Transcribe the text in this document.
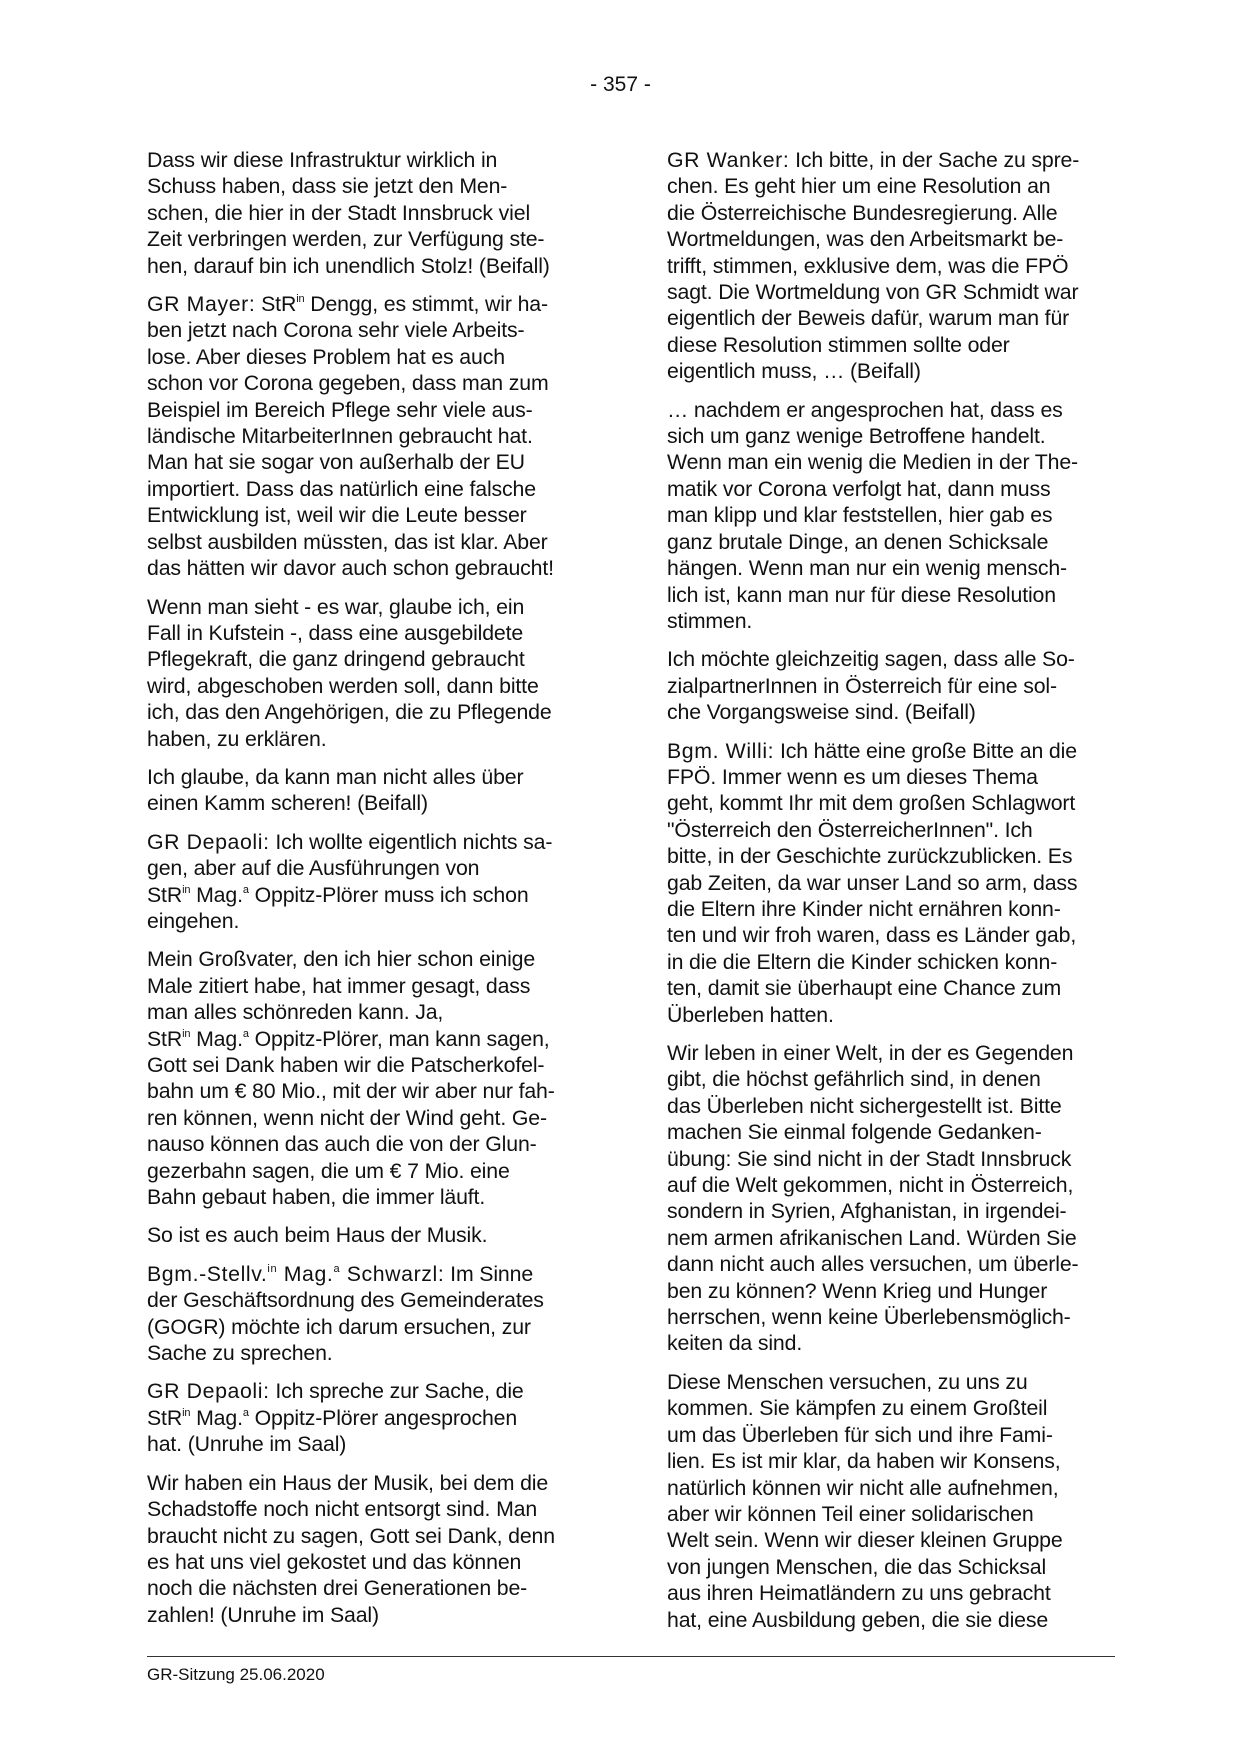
- 357 -
Dass wir diese Infrastruktur wirklich in
Schuss haben, dass sie jetzt den Men-
schen, die hier in der Stadt Innsbruck viel
Zeit verbringen werden, zur Verfügung ste-
hen, darauf bin ich unendlich Stolz! (Beifall)
GR Mayer: StR$^{in}$ Dengg, es stimmt, wir ha-
ben jetzt nach Corona sehr viele Arbeits-
lose. Aber dieses Problem hat es auch
schon vor Corona gegeben, dass man zum
Beispiel im Bereich Pflege sehr viele aus-
ländische MitarbeiterInnen gebraucht hat.
Man hat sie sogar von außerhalb der EU
importiert. Dass das natürlich eine falsche
Entwicklung ist, weil wir die Leute besser
selbst ausbilden müssten, das ist klar. Aber
das hätten wir davor auch schon gebraucht!
Wenn man sieht - es war, glaube ich, ein
Fall in Kufstein -, dass eine ausgebildete
Pflegekraft, die ganz dringend gebraucht
wird, abgeschoben werden soll, dann bitte
ich, das den Angehörigen, die zu Pflegende
haben, zu erklären.
Ich glaube, da kann man nicht alles über
einen Kamm scheren! (Beifall)
GR Depaoli: Ich wollte eigentlich nichts sa-
gen, aber auf die Ausführungen von
StR$^{in}$ Mag.$^a$ Oppitz-Plörer muss ich schon
eingehen.
Mein Großvater, den ich hier schon einige
Male zitiert habe, hat immer gesagt, dass
man alles schönreden kann. Ja,
StR$^{in}$ Mag.$^a$ Oppitz-Plörer, man kann sagen,
Gott sei Dank haben wir die Patscherkofel-
bahn um € 80 Mio., mit der wir aber nur fah-
ren können, wenn nicht der Wind geht. Ge-
nauso können das auch die von der Glun-
gezerbahn sagen, die um € 7 Mio. eine
Bahn gebaut haben, die immer läuft.
So ist es auch beim Haus der Musik.
Bgm.-Stellv.$^{in}$ Mag.$^a$ Schwarzl: Im Sinne
der Geschäftsordnung des Gemeinderates
(GOGR) möchte ich darum ersuchen, zur
Sache zu sprechen.
GR Depaoli: Ich spreche zur Sache, die
StR$^{in}$ Mag.$^a$ Oppitz-Plörer angesprochen
hat. (Unruhe im Saal)
Wir haben ein Haus der Musik, bei dem die
Schadstoffe noch nicht entsorgt sind. Man
braucht nicht zu sagen, Gott sei Dank, denn
es hat uns viel gekostet und das können
noch die nächsten drei Generationen be-
zahlen! (Unruhe im Saal)
GR Wanker: Ich bitte, in der Sache zu spre-
chen. Es geht hier um eine Resolution an
die Österreichische Bundesregierung. Alle
Wortmeldungen, was den Arbeitsmarkt be-
trifft, stimmen, exklusive dem, was die FPÖ
sagt. Die Wortmeldung von GR Schmidt war
eigentlich der Beweis dafür, warum man für
diese Resolution stimmen sollte oder
eigentlich muss, … (Beifall)
… nachdem er angesprochen hat, dass es
sich um ganz wenige Betroffene handelt.
Wenn man ein wenig die Medien in der The-
matik vor Corona verfolgt hat, dann muss
man klipp und klar feststellen, hier gab es
ganz brutale Dinge, an denen Schicksale
hängen. Wenn man nur ein wenig mensch-
lich ist, kann man nur für diese Resolution
stimmen.
Ich möchte gleichzeitig sagen, dass alle So-
zialpartnerInnen in Österreich für eine sol-
che Vorgangsweise sind. (Beifall)
Bgm. Willi: Ich hätte eine große Bitte an die
FPÖ. Immer wenn es um dieses Thema
geht, kommt Ihr mit dem großen Schlagwort
"Österreich den ÖsterreicherInnen". Ich
bitte, in der Geschichte zurückzublicken. Es
gab Zeiten, da war unser Land so arm, dass
die Eltern ihre Kinder nicht ernähren konn-
ten und wir froh waren, dass es Länder gab,
in die die Eltern die Kinder schicken konn-
ten, damit sie überhaupt eine Chance zum
Überleben hatten.
Wir leben in einer Welt, in der es Gegenden
gibt, die höchst gefährlich sind, in denen
das Überleben nicht sichergestellt ist. Bitte
machen Sie einmal folgende Gedanken-
übung: Sie sind nicht in der Stadt Innsbruck
auf die Welt gekommen, nicht in Österreich,
sondern in Syrien, Afghanistan, in irgendei-
nem armen afrikanischen Land. Würden Sie
dann nicht auch alles versuchen, um überle-
ben zu können? Wenn Krieg und Hunger
herrschen, wenn keine Überlebensmöglich-
keiten da sind.
Diese Menschen versuchen, zu uns zu
kommen. Sie kämpfen zu einem Großteil
um das Überleben für sich und ihre Fami-
lien. Es ist mir klar, da haben wir Konsens,
natürlich können wir nicht alle aufnehmen,
aber wir können Teil einer solidarischen
Welt sein. Wenn wir dieser kleinen Gruppe
von jungen Menschen, die das Schicksal
aus ihren Heimatländern zu uns gebracht
hat, eine Ausbildung geben, die sie diese
GR-Sitzung 25.06.2020
